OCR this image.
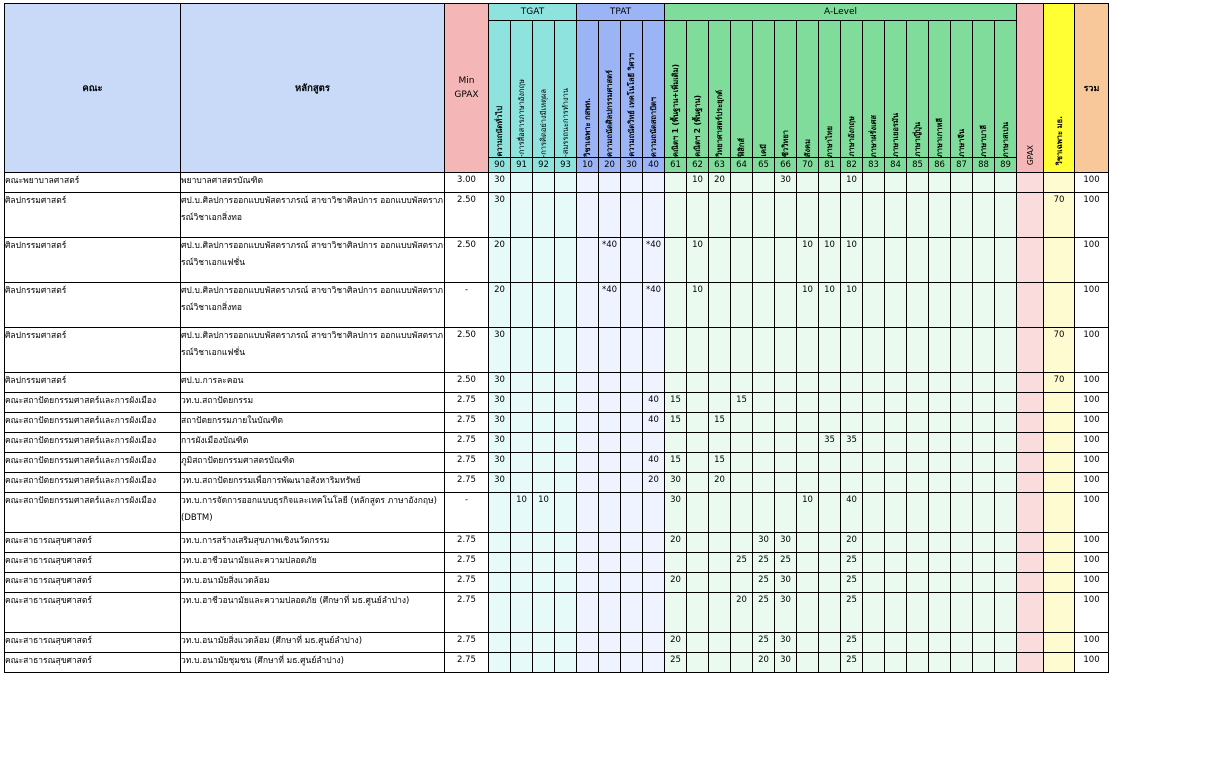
คณะ	หลักสูตร	Min
GPAX	TGAT				TPAT				A-Level																GPAX	วิชาเฉพาะ มธ.	รวม

			ความถนัดทั่วไป	-การสื่อสารภาษาอังกฤษ	-การคิดอย่างมีเหตุผล	-สมรรถนะการทำงาน	วิชาเฉพาะ กสพท.	ความถนัดศิลปกรรมศาสตร์	ความถนัดวิทย์ เทคโนโลยี วิศวฯ	ความถนัดสถาปัตฯ	คณิตฯ 1 (พื้นฐาน+เพิ่มเติม)	คณิตฯ 2 (พื้นฐาน)	วิทยาศาสตร์ประยุกต์	ฟิสิกส์	เคมี	ชีววิทยา	สังคม	ภาษาไทย	ภาษาอังกฤษ	ภาษาฝรั่งเศส	ภาษาเยอรมัน	ภาษาญี่ปุ่น	ภาษาเกาหลี	ภาษาจีน	ภาษาบาลี	ภาษาสเปน			

			90	91	92	93	10	20	30	40	61	62	63	64	65	66	70	81	82	83	84	85	86	87	88	89			
คณะพยาบาลศาสตร์	พยาบาลศาสตรบัณฑิต	3.00	30									10	20			30			10										100
ศิลปกรรมศาสตร์	ศป.บ.ศิลปการออกแบบพัสตราภรณ์ สาขาวิชาศิลปการ ออกแบบพัสตราภรณ์วิชาเอกสิ่งทอ	2.50	30																									70	100
ศิลปกรรมศาสตร์	ศป.บ.ศิลปการออกแบบพัสตราภรณ์ สาขาวิชาศิลปการ ออกแบบพัสตราภรณ์วิชาเอกแฟชั่น	2.50	20					*40		*40		10					10	10	10										100
ศิลปกรรมศาสตร์	ศป.บ.ศิลปการออกแบบพัสตราภรณ์ สาขาวิชาศิลปการ ออกแบบพัสตราภรณ์วิชาเอกสิ่งทอ	-	20					*40		*40		10					10	10	10										100
ศิลปกรรมศาสตร์	ศป.บ.ศิลปการออกแบบพัสตราภรณ์ สาขาวิชาศิลปการ ออกแบบพัสตราภรณ์วิชาเอกแฟชั่น	2.50	30																									70	100
ศิลปกรรมศาสตร์	ศป.บ.การละคอน	2.50	30																									70	100
คณะสถาปัตยกรรมศาสตร์และการผังเมือง	วท.บ.สถาปัตยกรรม	2.75	30							40	15			15															100
คณะสถาปัตยกรรมศาสตร์และการผังเมือง	สถาปัตยกรรมภายในบัณฑิต	2.75	30							40	15		15																100
คณะสถาปัตยกรรมศาสตร์และการผังเมือง	การผังเมืองบัณฑิต	2.75	30															35	35										100
คณะสถาปัตยกรรมศาสตร์และการผังเมือง	ภูมิสถาปัตยกรรมศาสตรบัณฑิต	2.75	30							40	15		15																100
คณะสถาปัตยกรรมศาสตร์และการผังเมือง	วท.บ.สถาปัตยกรรมเพื่อการพัฒนาอสังหาริมทรัพย์	2.75	30							20	30		20																100
คณะสถาปัตยกรรมศาสตร์และการผังเมือง	วท.บ.การจัดการออกแบบธุรกิจและเทคโนโลยี (หลักสูตร ภาษาอังกฤษ) (DBTM)	-		10	10						30						10		40										100
คณะสาธารณสุขศาสตร์	วท.บ.การสร้างเสริมสุขภาพเชิงนวัตกรรม	2.75									20				30	30			20										100
คณะสาธารณสุขศาสตร์	วท.บ.อาชีวอนามัยและความปลอดภัย	2.75												25	25	25			25										100
คณะสาธารณสุขศาสตร์	วท.บ.อนามัยสิ่งแวดล้อม	2.75									20				25	30			25										100
คณะสาธารณสุขศาสตร์	วท.บ.อาชีวอนามัยและความปลอดภัย (ศึกษาที่ มธ.ศูนย์ลำปาง)	2.75												20	25	30			25										100
คณะสาธารณสุขศาสตร์	วท.บ.อนามัยสิ่งแวดล้อม (ศึกษาที่ มธ.ศูนย์ลำปาง)	2.75									20				25	30			25										100
คณะสาธารณสุขศาสตร์	วท.บ.อนามัยชุมชน (ศึกษาที่ มธ.ศูนย์ลำปาง)	2.75									25				20	30			25										100
